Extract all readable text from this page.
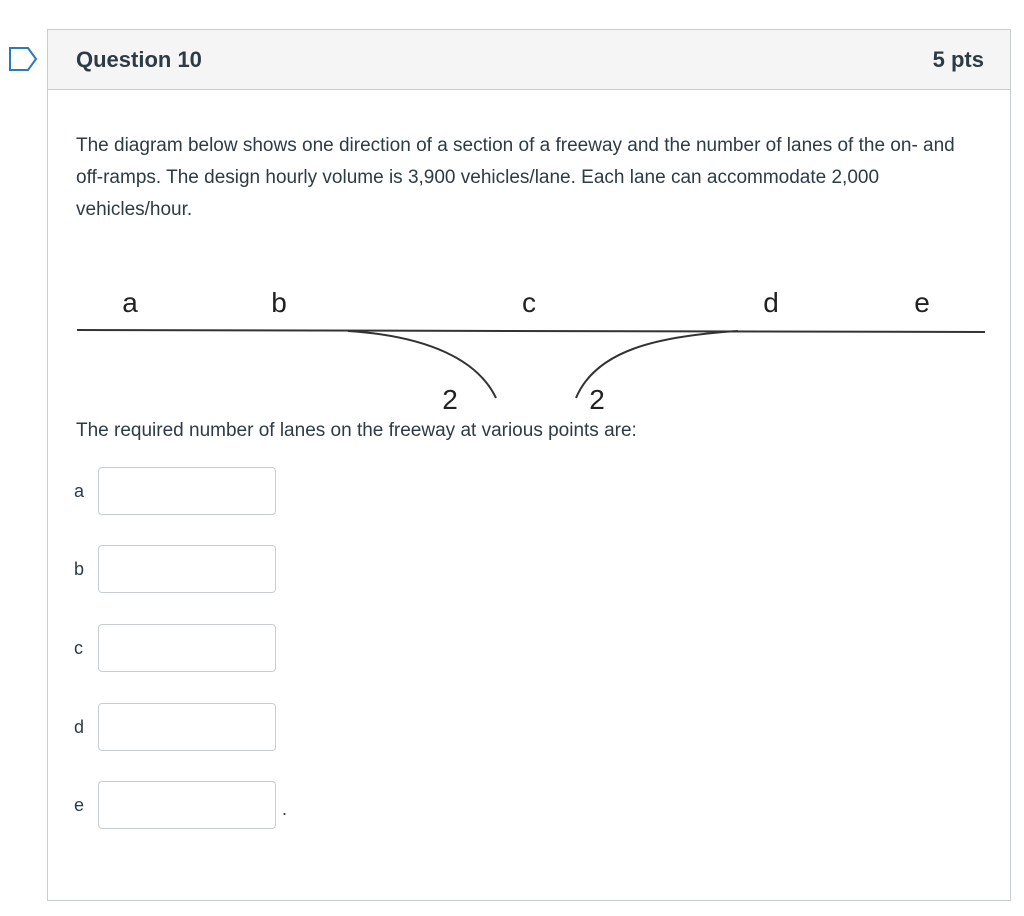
Question 10	5 pts
The diagram below shows one direction of a section of a freeway and the number of lanes of the on- and off-ramps. The design hourly volume is 3,900 vehicles/lane. Each lane can accommodate 2,000 vehicles/hour.
a	b	c	d	e
2	2
The required number of lanes on the freeway at various points are:
a
b
c
d
e	.
